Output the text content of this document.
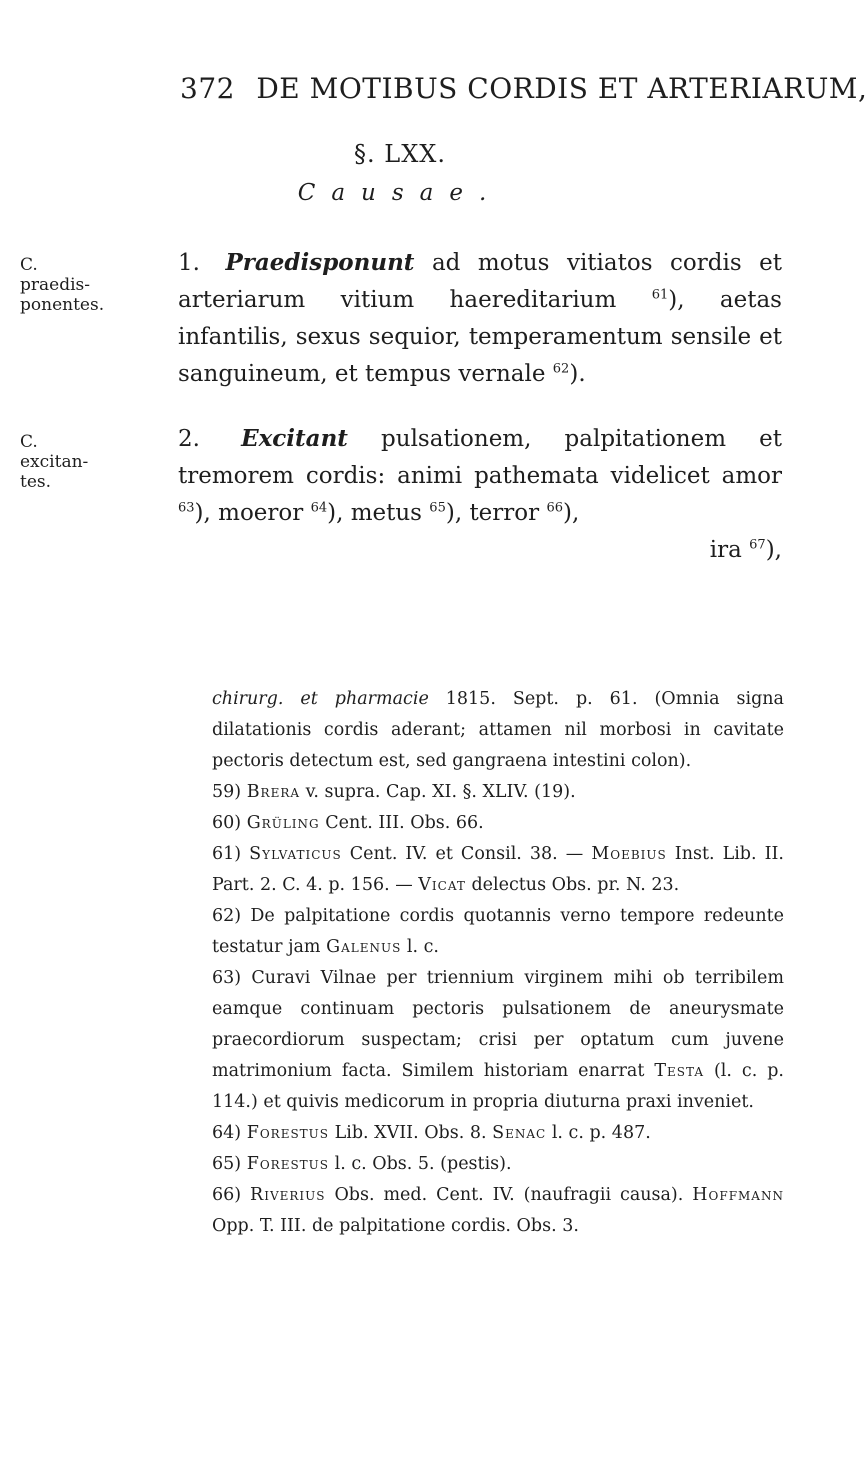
372 DE MOTIBUS CORDIS ET ARTERIARUM,
§. LXX.
Causae.
C. praedis-ponentes.
1. Praedisponunt ad motus vitiatos cordis et arteriarum vitium haereditarium	$^{61}$), aetas infantilis, sexus sequior, temperamentum sensile et sanguineum, et tempus vernale $^{62}$).
C. excitan-tes.
2. Excitant pulsationem, palpitationem et tremorem cordis: animi pathemata videlicet amor $^{63}$), moeror $^{64}$), metus $^{65}$), terror $^{66}$),
ira $^{67}$),

chirurg. et pharmacie 1815. Sept. p. 61. (Omnia signa dilatationis cordis aderant; attamen nil morbosi in cavitate pectoris detectum est, sed gangraena intestini colon).

59) Brera v. supra. Cap. XI. §. XLIV. (19).

60) Grüling Cent. III. Obs. 66.

61) Sylvaticus Cent. IV. et Consil. 38. — Moebius Inst. Lib. II. Part. 2. C. 4. p. 156. — Vicat delectus Obs. pr. N. 23.

62) De palpitatione cordis quotannis verno tempore redeunte testatur jam Galenus l. c.

63) Curavi Vilnae per triennium virginem mihi ob terribilem eamque continuam pectoris pulsationem de aneurysmate praecordiorum suspectam; crisi per optatum cum juvene matrimonium facta. Similem historiam enarrat Testa (l. c. p. 114.) et quivis medicorum in propria diuturna praxi inveniet.

64) Forestus Lib. XVII. Obs. 8. Senac l. c. p. 487.

65) Forestus l. c. Obs. 5. (pestis).

66) Riverius Obs. med. Cent. IV. (naufragii causa). Hoffmann Opp. T. III. de palpitatione cordis. Obs. 3.
